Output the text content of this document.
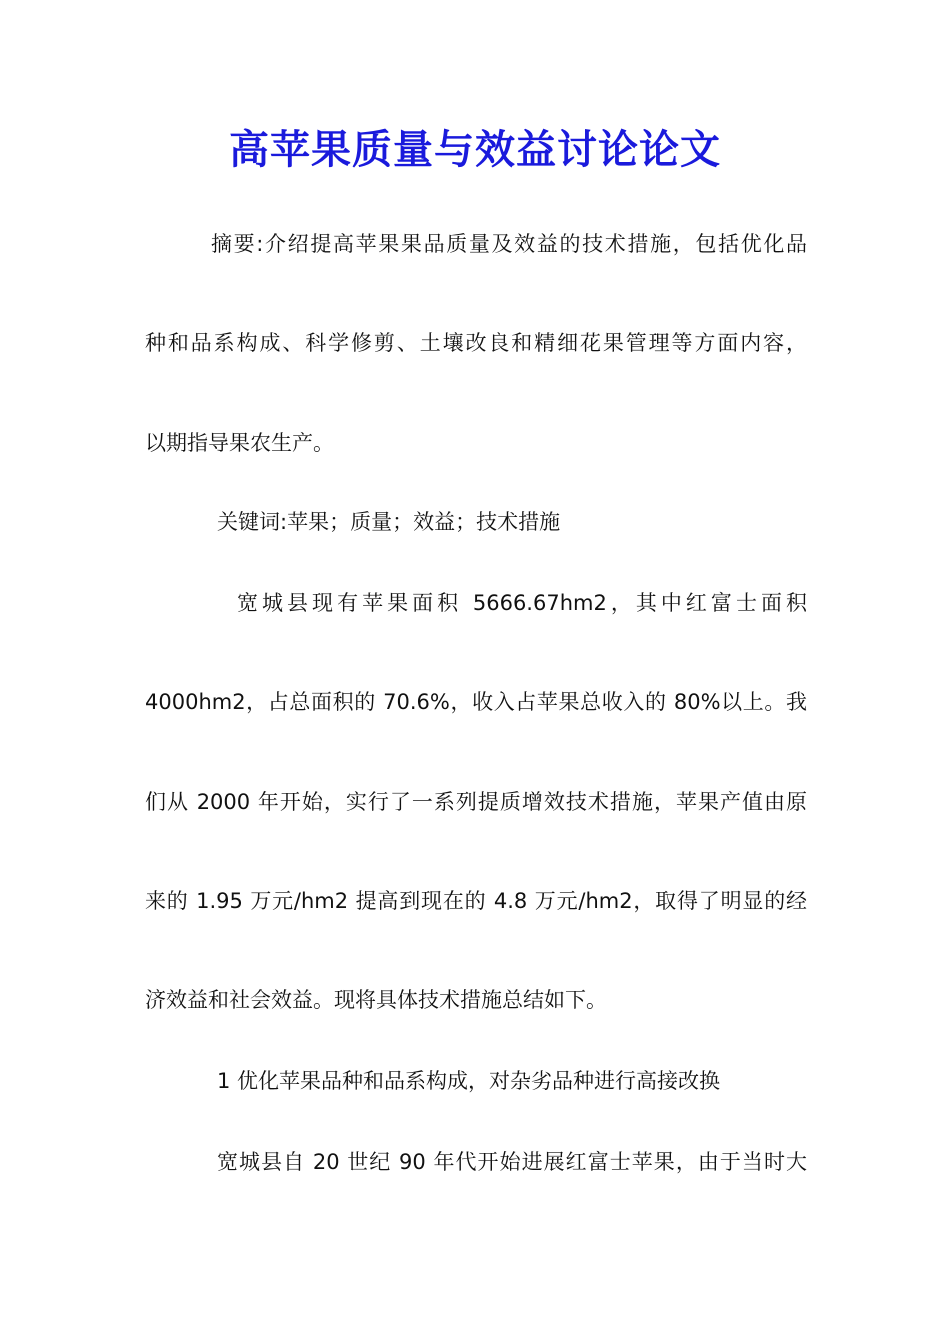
高苹果质量与效益讨论论文
摘要:介绍提高苹果果品质量及效益的技术措施，包括优化品
种和品系构成、科学修剪、土壤改良和精细花果管理等方面内容，
以期指导果农生产。
关键词:苹果；质量；效益；技术措施
宽城县现有苹果面积 5666.67hm2，其中红富士面积
4000hm2，占总面积的 70.6%，收入占苹果总收入的 80%以上。我
们从 2000 年开始，实行了一系列提质增效技术措施，苹果产值由原
来的 1.95 万元/hm2 提高到现在的 4.8 万元/hm2，取得了明显的经
济效益和社会效益。现将具体技术措施总结如下。
1 优化苹果品种和品系构成，对杂劣品种进行高接改换
宽城县自 20 世纪 90 年代开始进展红富士苹果，由于当时大
